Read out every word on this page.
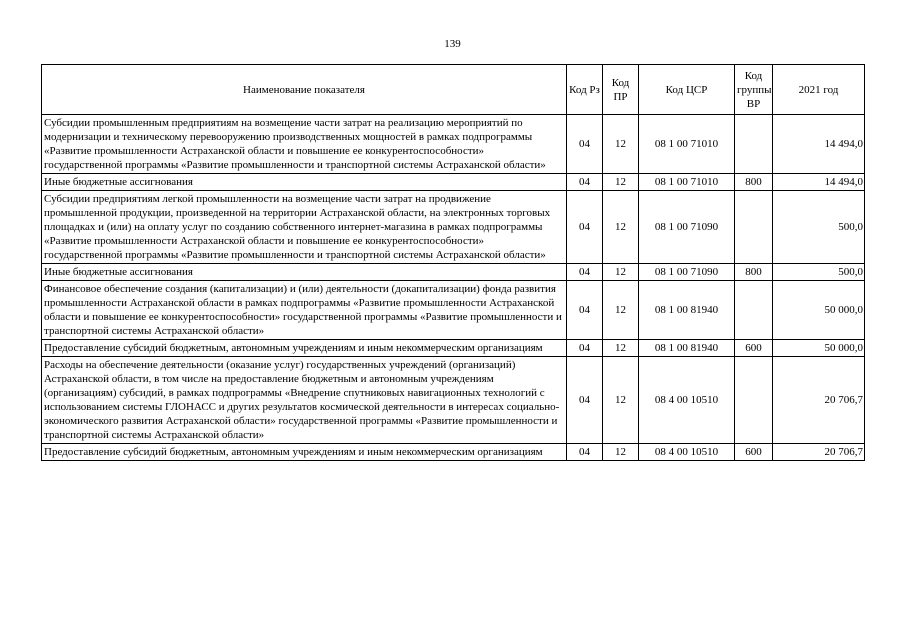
139
Наименование показателя	Код Рз	Код ПР	Код ЦСР	Код группы ВР	2021 год
Субсидии промышленным предприятиям на возмещение части затрат на реализацию мероприятий по модернизации и техническому перевооружению производственных мощностей в рамках подпрограммы «Развитие промышленности Астраханской области и повышение ее конкурентоспособности» государственной программы «Развитие промышленности и транспортной системы Астраханской области»	04	12	08 1 00 71010		14 494,0
Иные бюджетные ассигнования	04	12	08 1 00 71010	800	14 494,0
Субсидии предприятиям легкой промышленности на возмещение части затрат на продвижение промышленной продукции, произведенной на территории Астраханской области, на электронных торговых площадках и (или) на оплату услуг по созданию собственного интернет-магазина в рамках подпрограммы «Развитие промышленности Астраханской области и повышение ее конкурентоспособности» государственной программы «Развитие промышленности и транспортной системы Астраханской области»	04	12	08 1 00 71090		500,0
Иные бюджетные ассигнования	04	12	08 1 00 71090	800	500,0
Финансовое обеспечение создания (капитализации) и (или) деятельности (докапитализации) фонда развития промышленности Астраханской области в рамках подпрограммы «Развитие промышленности Астраханской области и повышение ее конкурентоспособности» государственной программы «Развитие промышленности и транспортной системы Астраханской области»	04	12	08 1 00 81940		50 000,0
Предоставление субсидий бюджетным, автономным учреждениям и иным некоммерческим организациям	04	12	08 1 00 81940	600	50 000,0
Расходы на обеспечение деятельности (оказание услуг) государственных учреждений (организаций) Астраханской области, в том числе на предоставление бюджетным и автономным учреждениям (организациям) субсидий, в рамках подпрограммы «Внедрение спутниковых навигационных технологий с использованием системы ГЛОНАСС и других результатов космической деятельности в интересах социально-экономического развития Астраханской области» государственной программы «Развитие промышленности и транспортной системы Астраханской области»	04	12	08 4 00 10510		20 706,7
Предоставление субсидий бюджетным, автономным учреждениям и иным некоммерческим организациям	04	12	08 4 00 10510	600	20 706,7
